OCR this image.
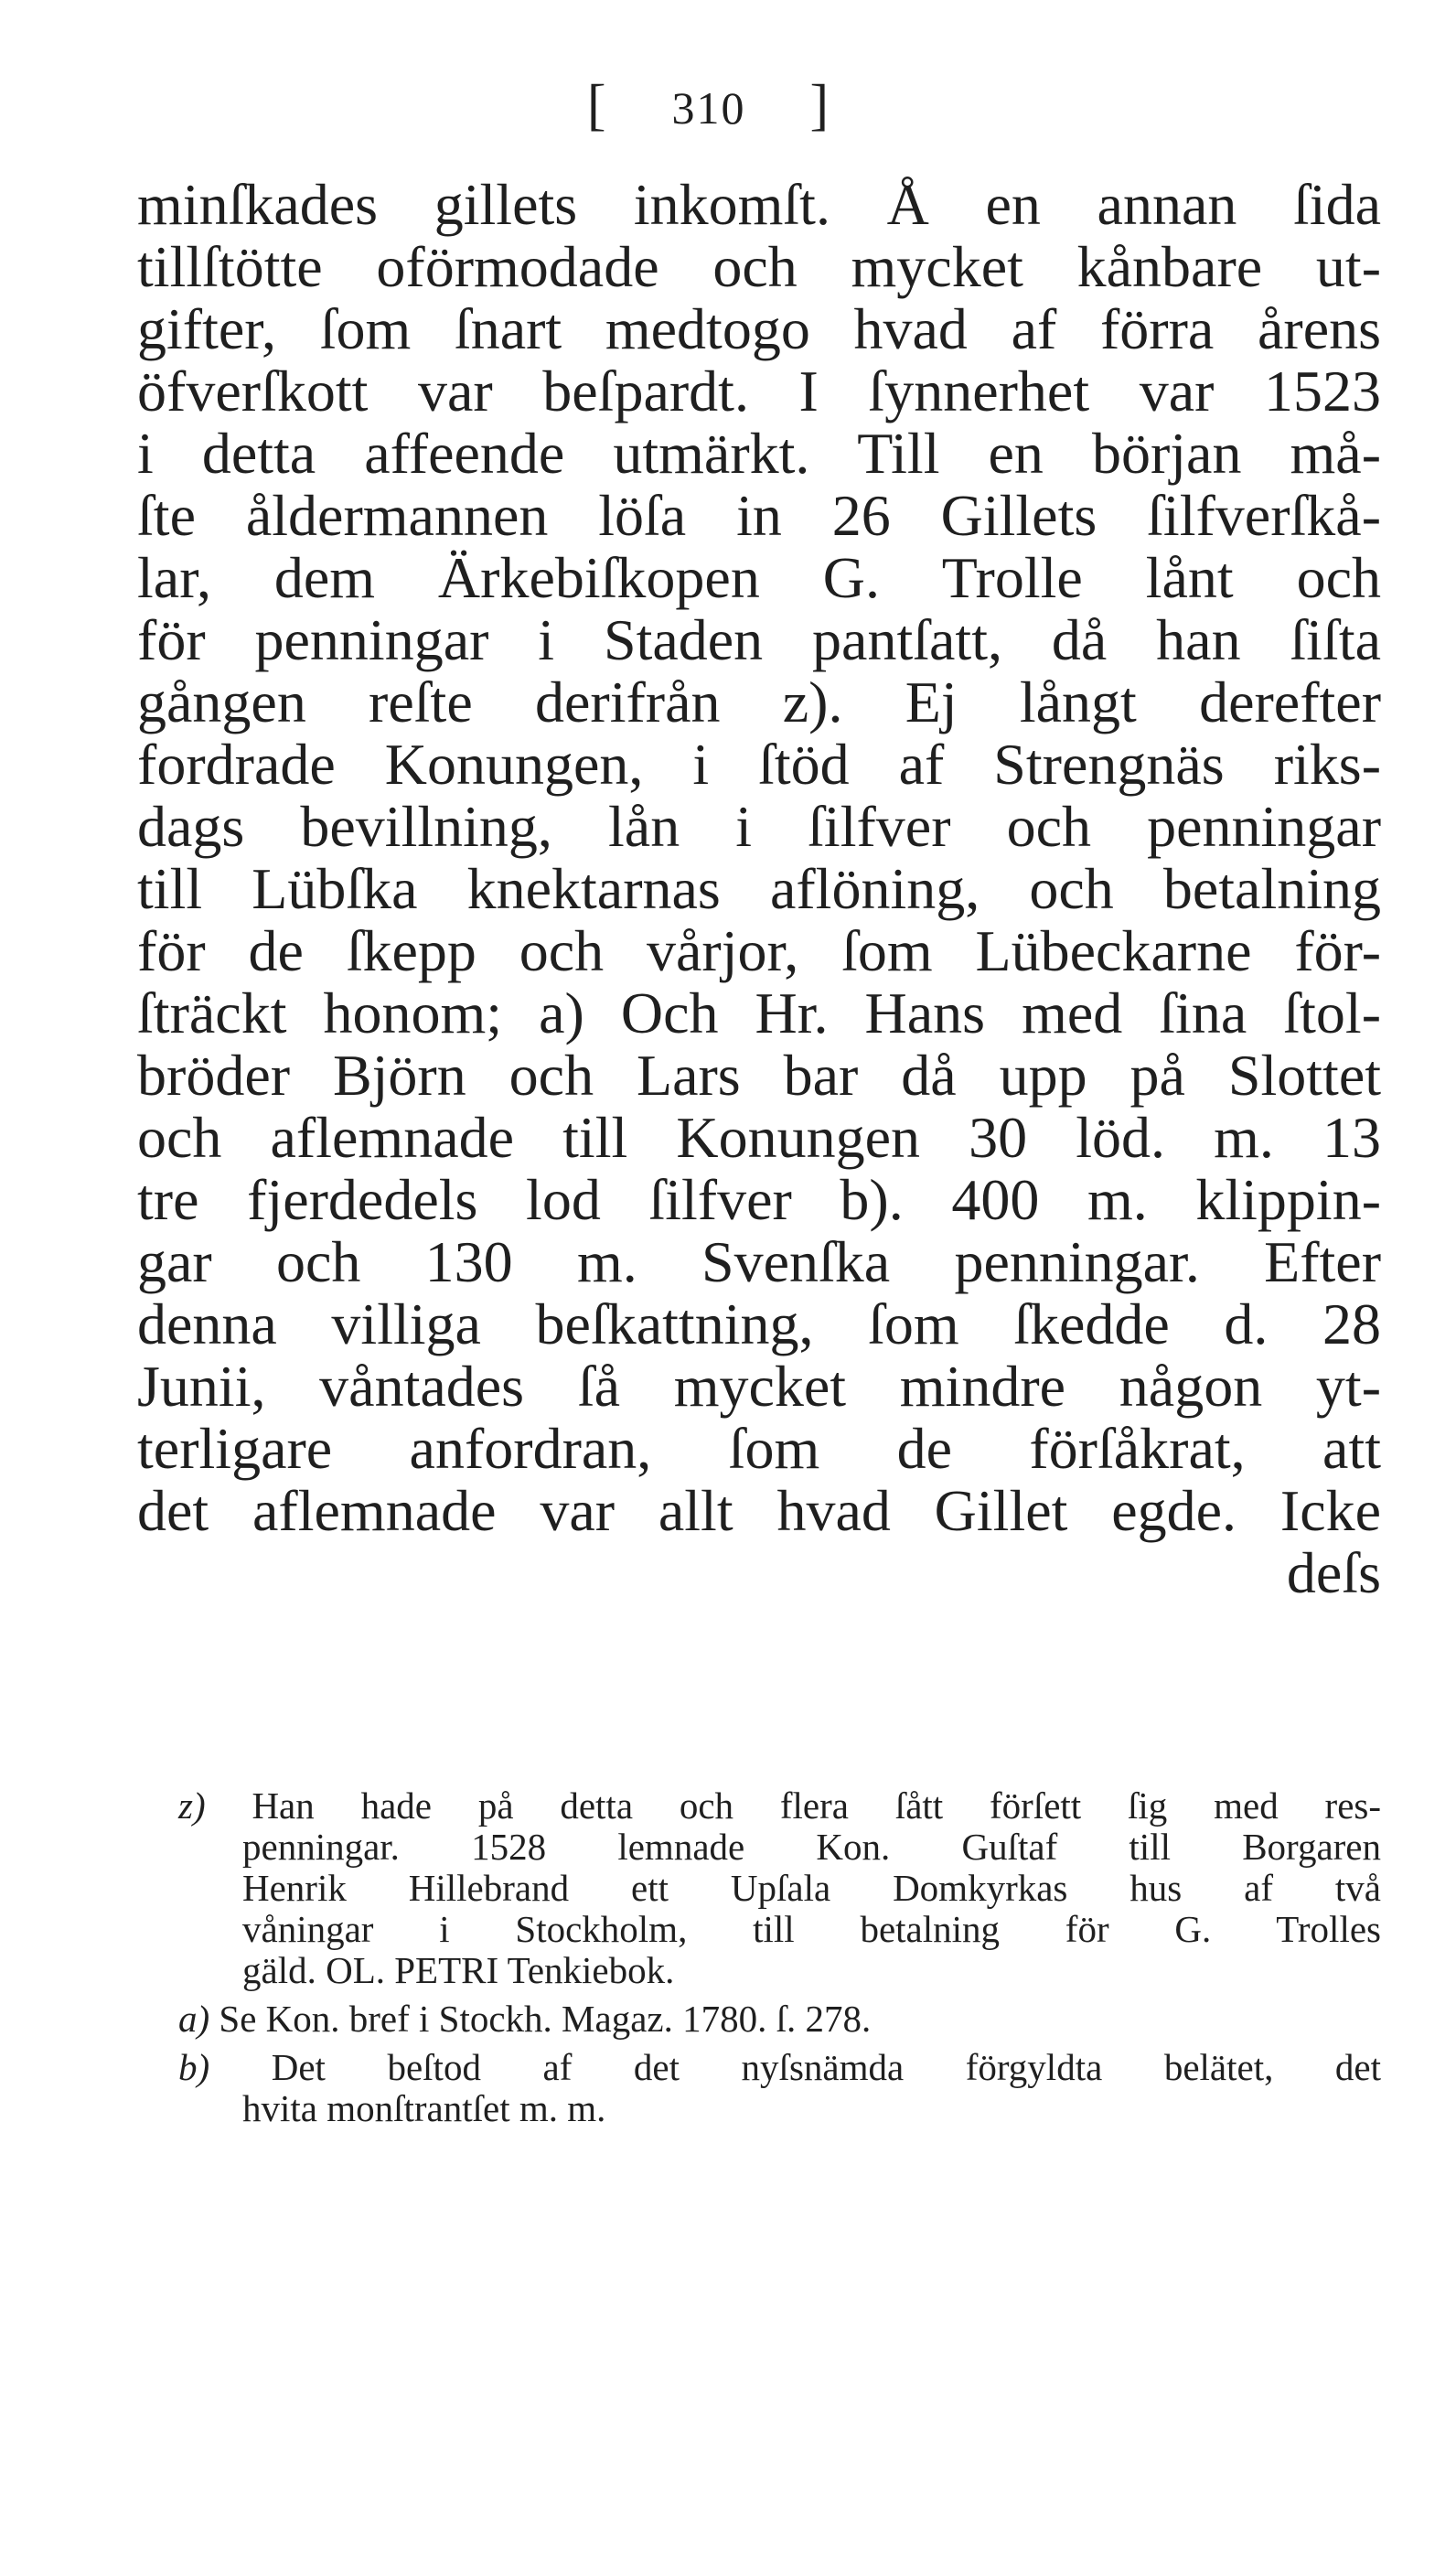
[ 310 ]
minſkades gillets inkomſt. Å en annan ſida
tillſtötte oförmodade och mycket kånbare ut-
gifter, ſom ſnart medtogo hvad af förra årens
öfverſkott var beſpardt. I ſynnerhet var 1523
i detta affeende utmärkt. Till en början må-
ſte åldermannen löſa in 26 Gillets ſilfverſkå-
lar, dem Ärkebiſkopen G. Trolle lånt och
för penningar i Staden pantſatt, då han ſiſta
gången reſte derifrån z). Ej långt derefter
fordrade Konungen, i ſtöd af Strengnäs riks-
dags bevillning, lån i ſilfver och penningar
till Lübſka knektarnas aflöning, och betalning
för de ſkepp och vårjor, ſom Lübeckarne för-
ſträckt honom; a) Och Hr. Hans med ſina ſtol-
bröder Björn och Lars bar då upp på Slottet
och aflemnade till Konungen 30 löd. m. 13
tre fjerdedels lod ſilfver b). 400 m. klippin-
gar och 130 m. Svenſka penningar. Efter
denna villiga beſkattning, ſom ſkedde d. 28
Junii, våntades ſå mycket mindre någon yt-
terligare anfordran, ſom de förſåkrat, att
det aflemnade var allt hvad Gillet egde. Icke
deſs
z) Han hade på detta och flera ſått förſett ſig med res-
penningar. 1528 lemnade Kon. Guſtaf till Borgaren
Henrik Hillebrand ett Upſala Domkyrkas hus af två
våningar i Stockholm, till betalning för G. Trolles
gäld. OL. PETRI Tenkiebok.
a) Se Kon. bref i Stockh. Magaz. 1780. ſ. 278.
b) Det beſtod af det nyſsnämda förgyldta belätet, det
hvita monſtrantſet m. m.
